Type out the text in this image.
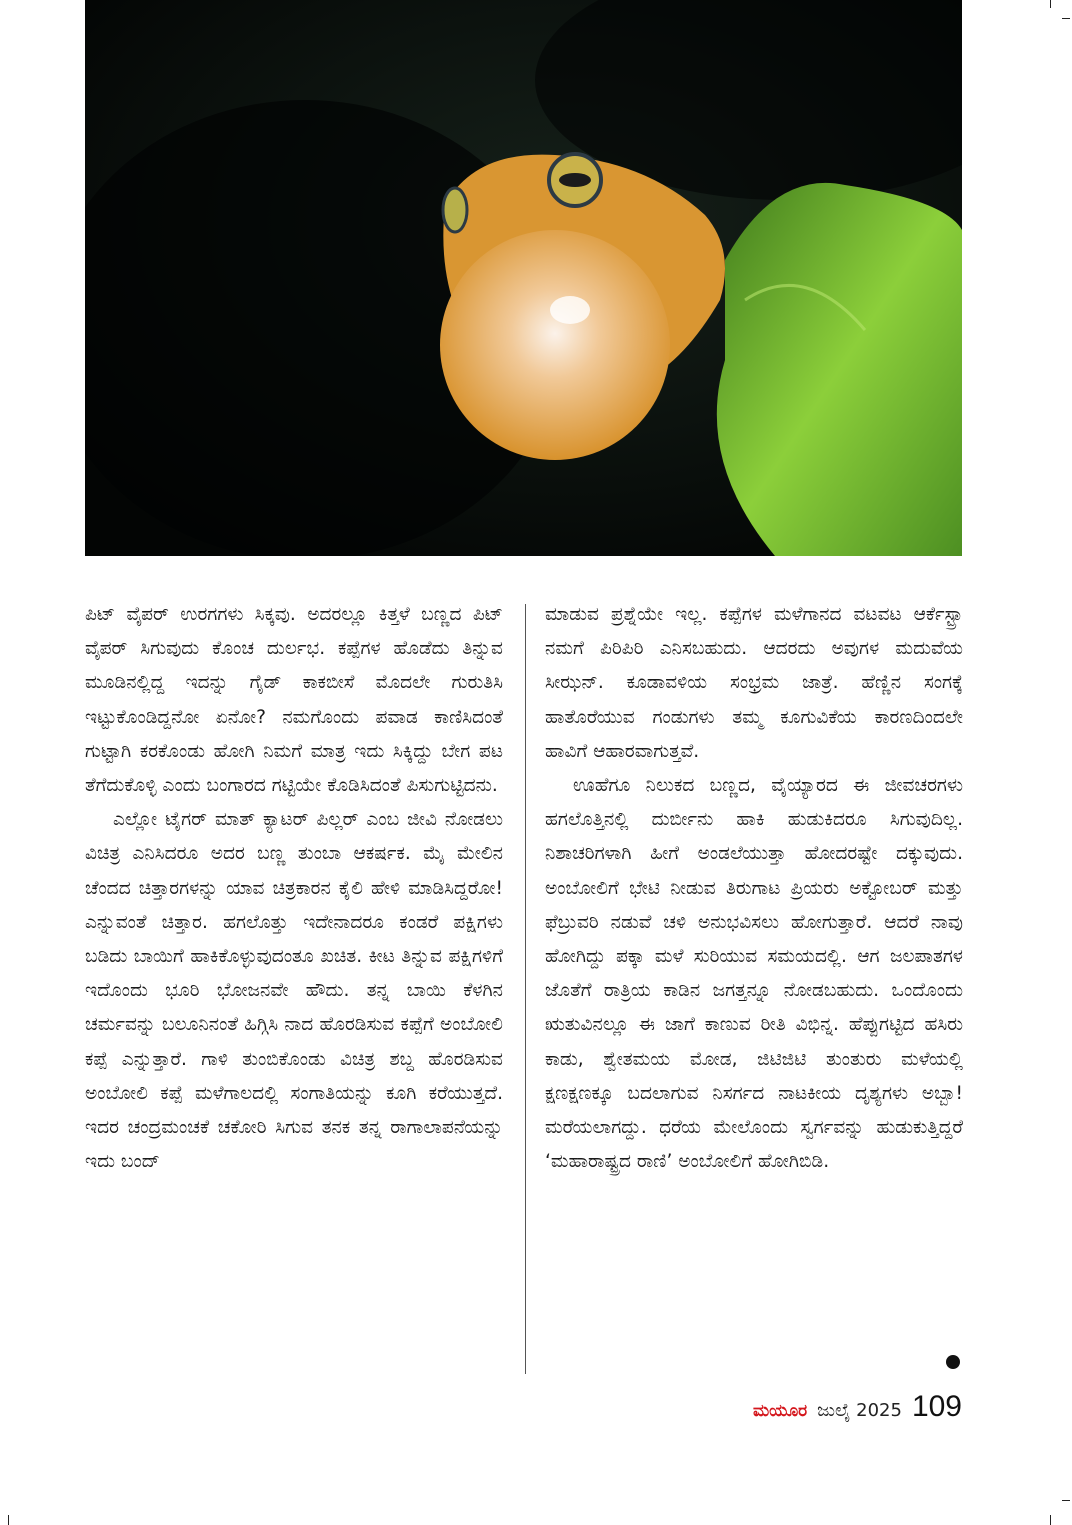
ಪಿಟ್ ವೈಪರ್ ಉರಗಗಳು ಸಿಕ್ಕವು. ಅದರಲ್ಲೂ ಕಿತ್ತಳೆ ಬಣ್ಣದ ಪಿಟ್ ವೈಪರ್ ಸಿಗುವುದು ಕೊಂಚ ದುರ್ಲಭ. ಕಪ್ಪೆಗಳ ಹೊಡೆದು ತಿನ್ನುವ ಮೂಡಿನಲ್ಲಿದ್ದ ಇದನ್ನು ಗೈಡ್ ಕಾಕಬೀಸೆ ಮೊದಲೇ ಗುರುತಿಸಿ ಇಟ್ಟುಕೊಂಡಿದ್ದನೋ ಏನೋ? ನಮಗೊಂದು ಪವಾಡ ಕಾಣಿಸಿದಂತೆ ಗುಟ್ಟಾಗಿ ಕರಕೊಂಡು ಹೋಗಿ ನಿಮಗೆ ಮಾತ್ರ ಇದು ಸಿಕ್ಕಿದ್ದು ಬೇಗ ಪಟ ತೆಗೆದುಕೊಳ್ಳಿ ಎಂದು ಬಂಗಾರದ ಗಟ್ಟಿಯೇ ಕೊಡಿಸಿದಂತೆ ಪಿಸುಗುಟ್ಟಿದನು.

ಎಲ್ಲೋ ಟೈಗರ್ ಮಾತ್ ಕ್ಯಾಟರ್ ಪಿಲ್ಲರ್ ಎಂಬ ಜೀವಿ ನೋಡಲು ವಿಚಿತ್ರ ಎನಿಸಿದರೂ ಅದರ ಬಣ್ಣ ತುಂಬಾ ಆಕರ್ಷಕ. ಮೈ ಮೇಲಿನ ಚೆಂದದ ಚಿತ್ತಾರಗಳನ್ನು ಯಾವ ಚಿತ್ರಕಾರನ ಕೈಲಿ ಹೇಳಿ ಮಾಡಿಸಿದ್ದರೋ! ಎನ್ನುವಂತೆ ಚಿತ್ತಾರ. ಹಗಲೊತ್ತು ಇದೇನಾದರೂ ಕಂಡರೆ ಪಕ್ಷಿಗಳು ಬಡಿದು ಬಾಯಿಗೆ ಹಾಕಿಕೊಳ್ಳುವುದಂತೂ ಖಚಿತ. ಕೀಟ ತಿನ್ನುವ ಪಕ್ಷಿಗಳಿಗೆ ಇದೊಂದು ಭೂರಿ ಭೋಜನವೇ ಹೌದು. ತನ್ನ ಬಾಯಿ ಕೆಳಗಿನ ಚರ್ಮವನ್ನು ಬಲೂನಿನಂತೆ ಹಿಗ್ಗಿಸಿ ನಾದ ಹೊರಡಿಸುವ ಕಪ್ಪೆಗೆ ಅಂಬೋಲಿ ಕಪ್ಪೆ ಎನ್ನುತ್ತಾರೆ. ಗಾಳಿ ತುಂಬಿಕೊಂಡು ವಿಚಿತ್ರ ಶಬ್ದ ಹೊರಡಿಸುವ ಅಂಬೋಲಿ ಕಪ್ಪೆ ಮಳೆಗಾಲದಲ್ಲಿ ಸಂಗಾತಿಯನ್ನು ಕೂಗಿ ಕರೆಯುತ್ತದೆ. ಇದರ ಚಂದ್ರಮಂಚಕೆ ಚಕೋರಿ ಸಿಗುವ ತನಕ ತನ್ನ ರಾಗಾಲಾಪನೆಯನ್ನು ಇದು ಬಂದ್

ಮಾಡುವ ಪ್ರಶ್ನೆಯೇ ಇಲ್ಲ. ಕಪ್ಪೆಗಳ ಮಳೆಗಾನದ ವಟವಟ ಆರ್ಕೆಸ್ಟ್ರಾ ನಮಗೆ ಪಿರಿಪಿರಿ ಎನಿಸಬಹುದು. ಆದರದು ಅವುಗಳ ಮದುವೆಯ ಸೀಝನ್. ಕೂಡಾವಳಿಯ ಸಂಭ್ರಮ ಜಾತ್ರೆ. ಹೆಣ್ಣಿನ ಸಂಗಕ್ಕೆ ಹಾತೊರೆಯುವ ಗಂಡುಗಳು ತಮ್ಮ ಕೂಗುವಿಕೆಯ ಕಾರಣದಿಂದಲೇ ಹಾವಿಗೆ ಆಹಾರವಾಗುತ್ತವೆ.

ಊಹೆಗೂ ನಿಲುಕದ ಬಣ್ಣದ, ವೈಯ್ಯಾರದ ಈ ಜೀವಚರಗಳು ಹಗಲೊತ್ತಿನಲ್ಲಿ ದುರ್ಬೀನು ಹಾಕಿ ಹುಡುಕಿದರೂ ಸಿಗುವುದಿಲ್ಲ. ನಿಶಾಚರಿಗಳಾಗಿ ಹೀಗೆ ಅಂಡಲೆಯುತ್ತಾ ಹೋದರಷ್ಟೇ ದಕ್ಕುವುದು. ಅಂಬೋಲಿಗೆ ಭೇಟಿ ನೀಡುವ ತಿರುಗಾಟ ಪ್ರಿಯರು ಅಕ್ಟೋಬರ್ ಮತ್ತು ಫೆಬ್ರುವರಿ ನಡುವೆ ಚಳಿ ಅನುಭವಿಸಲು ಹೋಗುತ್ತಾರೆ. ಆದರೆ ನಾವು ಹೋಗಿದ್ದು ಪಕ್ಕಾ ಮಳೆ ಸುರಿಯುವ ಸಮಯದಲ್ಲಿ. ಆಗ ಜಲಪಾತಗಳ ಜೊತೆಗೆ ರಾತ್ರಿಯ ಕಾಡಿನ ಜಗತ್ತನ್ನೂ ನೋಡಬಹುದು. ಒಂದೊಂದು ಋತುವಿನಲ್ಲೂ ಈ ಜಾಗೆ ಕಾಣುವ ರೀತಿ ವಿಭಿನ್ನ. ಹೆಪ್ಪುಗಟ್ಟಿದ ಹಸಿರು ಕಾಡು, ಶ್ವೇತಮಯ ಮೋಡ, ಜಿಟಿಜಿಟಿ ತುಂತುರು ಮಳೆಯಲ್ಲಿ ಕ್ಷಣಕ್ಷಣಕ್ಕೂ ಬದಲಾಗುವ ನಿಸರ್ಗದ ನಾಟಕೀಯ ದೃಶ್ಯಗಳು ಅಬ್ಬಾ! ಮರೆಯಲಾಗದ್ದು. ಧರೆಯ ಮೇಲೊಂದು ಸ್ವರ್ಗವನ್ನು ಹುಡುಕುತ್ತಿದ್ದರೆ ‘ಮಹಾರಾಷ್ಟ್ರದ ರಾಣಿ’ ಅಂಬೋಲಿಗೆ ಹೋಗಿಬಿಡಿ.

ಮಯೂರ ಜುಲೈ 2025 109
